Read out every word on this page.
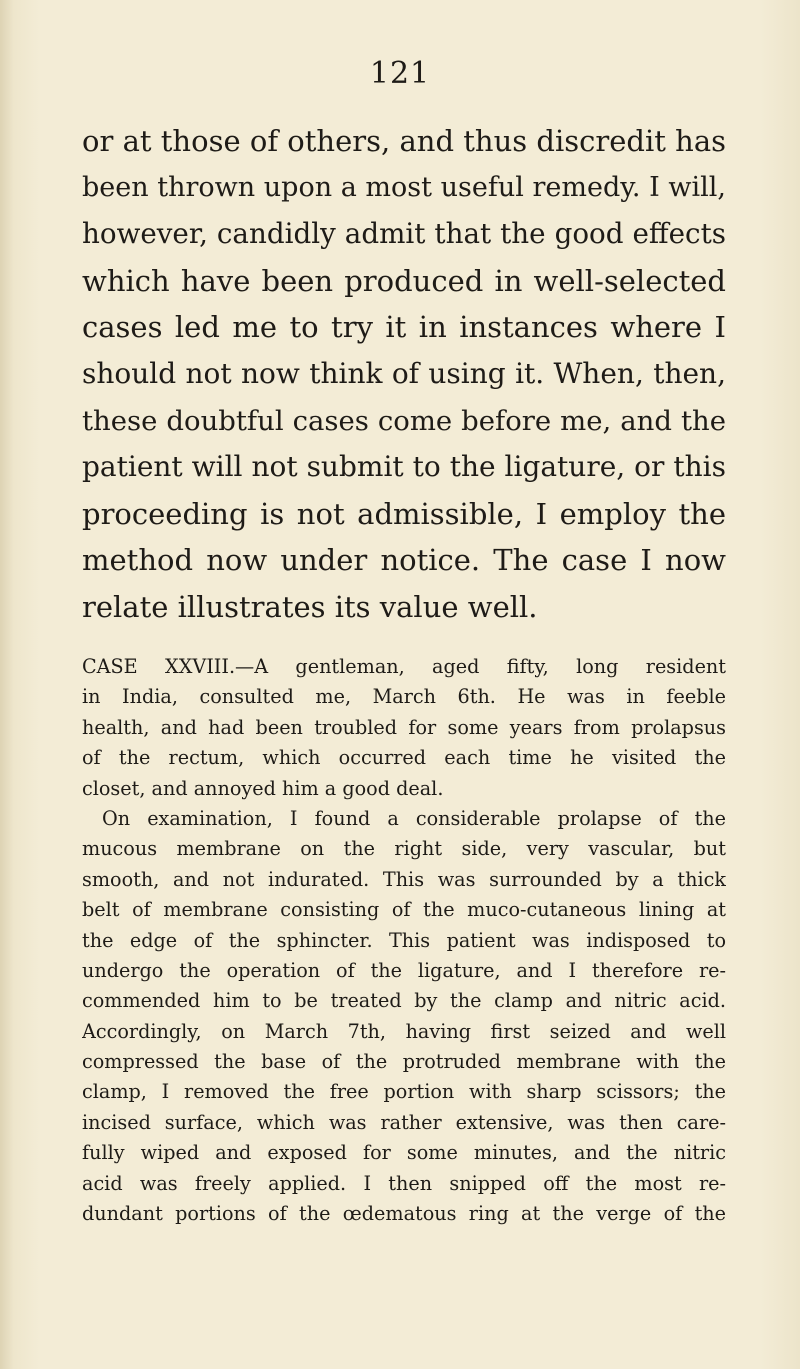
121
or at those of others, and thus discredit has
been thrown upon a most useful remedy. I will,
however, candidly admit that the good effects
which have been produced in well-selected
cases led me to try it in instances where I
should not now think of using it. When, then,
these doubtful cases come before me, and the
patient will not submit to the ligature, or this
proceeding is not admissible, I employ the
method now under notice. The case I now
relate illustrates its value well.
CASE XXVIII.—A gentleman, aged fifty, long resident
in India, consulted me, March 6th. He was in feeble
health, and had been troubled for some years from prolapsus
of the rectum, which occurred each time he visited the
closet, and annoyed him a good deal.
On examination, I found a considerable prolapse of the
mucous membrane on the right side, very vascular, but
smooth, and not indurated. This was surrounded by a thick
belt of membrane consisting of the muco-cutaneous lining at
the edge of the sphincter. This patient was indisposed to
undergo the operation of the ligature, and I therefore re-
commended him to be treated by the clamp and nitric acid.
Accordingly, on March 7th, having first seized and well
compressed the base of the protruded membrane with the
clamp, I removed the free portion with sharp scissors; the
incised surface, which was rather extensive, was then care-
fully wiped and exposed for some minutes, and the nitric
acid was freely applied. I then snipped off the most re-
dundant portions of the œdematous ring at the verge of the
